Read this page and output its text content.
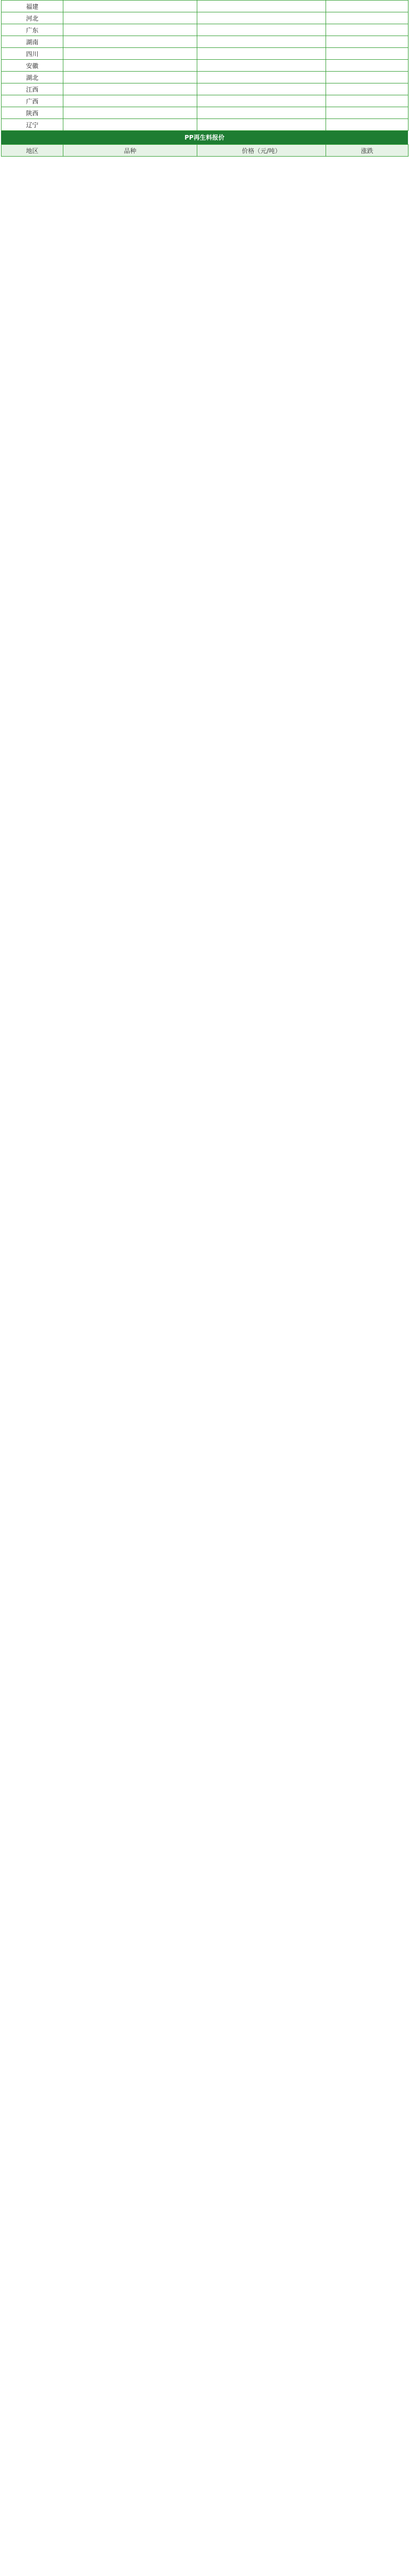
福建			
河北			
广东			
湖南			
四川			
安徽			
湖北			
江西			
广西			
陕西			
辽宁			
PP再生料报价
地区	品种	价格（元/吨）	涨跌
